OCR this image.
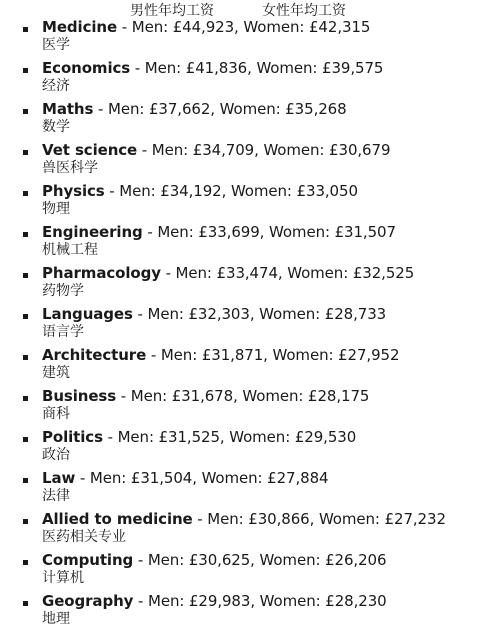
男性年均工资	女性年均工资
Medicine - Men: £44,923, Women: £42,315
医学
Economics - Men: £41,836, Women: £39,575
经济
Maths - Men: £37,662, Women: £35,268
数学
Vet science - Men: £34,709, Women: £30,679
兽医科学
Physics - Men: £34,192, Women: £33,050
物理
Engineering - Men: £33,699, Women: £31,507
机械工程
Pharmacology - Men: £33,474, Women: £32,525
药物学
Languages - Men: £32,303, Women: £28,733
语言学
Architecture - Men: £31,871, Women: £27,952
建筑
Business - Men: £31,678, Women: £28,175
商科
Politics - Men: £31,525, Women: £29,530
政治
Law - Men: £31,504, Women: £27,884
法律
Allied to medicine - Men: £30,866, Women: £27,232
医药相关专业
Computing - Men: £30,625, Women: £26,206
计算机
Geography - Men: £29,983, Women: £28,230
地理
